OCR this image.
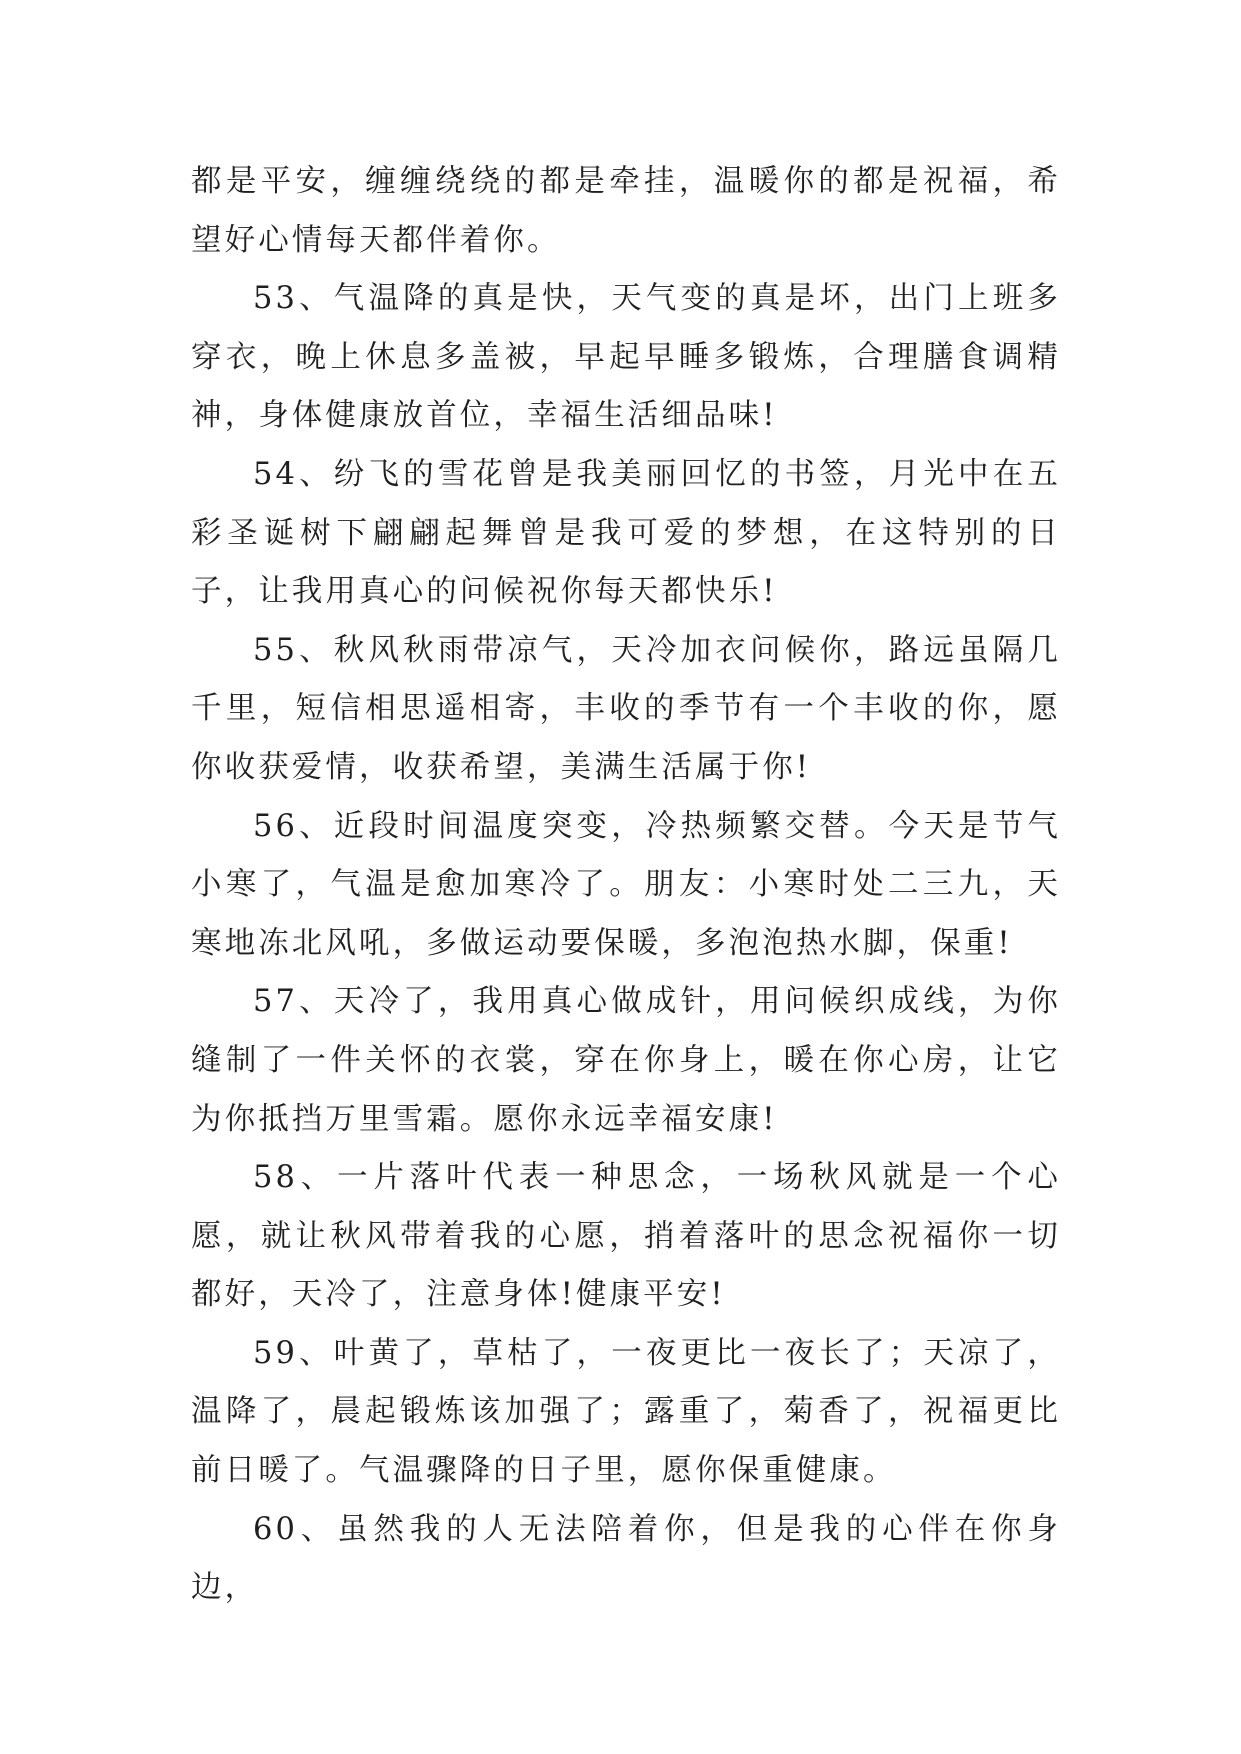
都是平安，缠缠绕绕的都是牵挂，温暖你的都是祝福，希望好心情每天都伴着你。

53、气温降的真是快，天气变的真是坏，出门上班多穿衣，晚上休息多盖被，早起早睡多锻炼，合理膳食调精神，身体健康放首位，幸福生活细品味!

54、纷飞的雪花曾是我美丽回忆的书签，月光中在五彩圣诞树下翩翩起舞曾是我可爱的梦想，在这特别的日子，让我用真心的问候祝你每天都快乐!

55、秋风秋雨带凉气，天冷加衣问候你，路远虽隔几千里，短信相思遥相寄，丰收的季节有一个丰收的你，愿你收获爱情，收获希望，美满生活属于你!

56、近段时间温度突变，冷热频繁交替。今天是节气小寒了，气温是愈加寒冷了。朋友：小寒时处二三九，天寒地冻北风吼，多做运动要保暖，多泡泡热水脚，保重!

57、天冷了，我用真心做成针，用问候织成线，为你缝制了一件关怀的衣裳，穿在你身上，暖在你心房，让它为你抵挡万里雪霜。愿你永远幸福安康!

58、一片落叶代表一种思念，一场秋风就是一个心愿，就让秋风带着我的心愿，捎着落叶的思念祝福你一切都好，天冷了，注意身体!健康平安!

59、叶黄了，草枯了，一夜更比一夜长了；天凉了，温降了，晨起锻炼该加强了；露重了，菊香了，祝福更比前日暖了。气温骤降的日子里，愿你保重健康。

60、虽然我的人无法陪着你，但是我的心伴在你身边，
